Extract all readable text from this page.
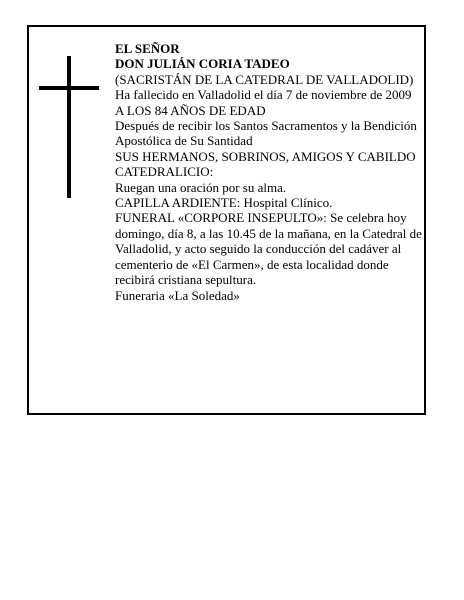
EL SEÑOR

DON JULIÁN CORIA TADEO

(SACRISTÁN DE LA CATEDRAL DE VALLADOLID)

Ha fallecido en Valladolid el día 7 de noviembre de 2009

A LOS 84 AÑOS DE EDAD

Después de recibir los Santos Sacramentos y la Bendición Apostólica de Su Santidad

SUS HERMANOS, SOBRINOS, AMIGOS Y CABILDO CATEDRALICIO:

Ruegan una oración por su alma.

CAPILLA ARDIENTE: Hospital Clínico.

FUNERAL «CORPORE INSEPULTO»: Se celebra hoy domingo, día 8, a las 10.45 de la mañana, en la Catedral de Valladolid, y acto seguido la conducción del cadáver al cementerio de «El Carmen», de esta localidad donde recibirá cristiana sepultura.

Funeraria «La Soledad»
